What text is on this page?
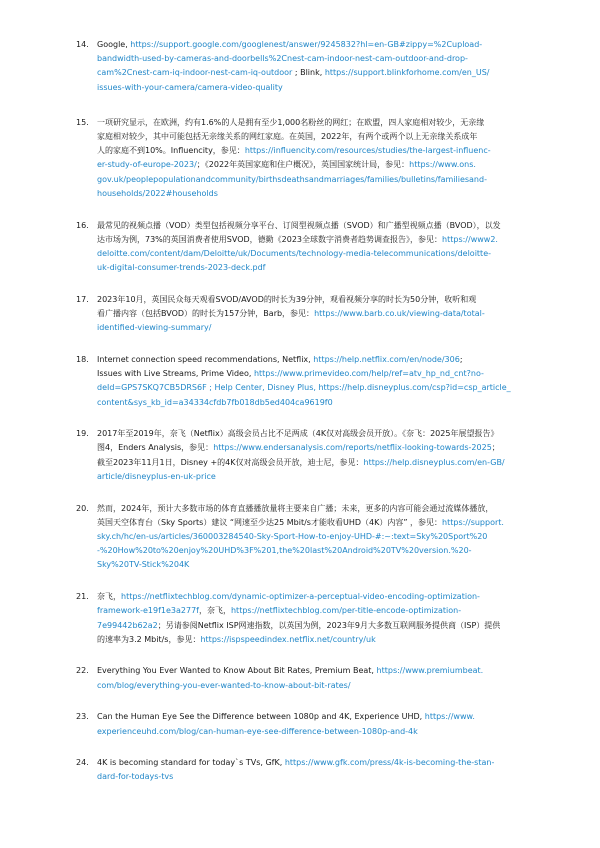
14.	Google, https://support.google.com/googlenest/answer/9245832?hl=en-GB#zippy=%2Cupload-
bandwidth-used-by-cameras-and-doorbells%2Cnest-cam-indoor-nest-cam-outdoor-and-drop-
cam%2Cnest-cam-iq-indoor-nest-cam-iq-outdoor ; Blink, https://support.blinkforhome.com/en_US/
issues-with-your-camera/camera-video-quality
15.	一项研究显示，在欧洲，约有1.6%的人是拥有至少1,000名粉丝的网红；在欧盟，四人家庭相对较少，无亲缘
家庭相对较少，其中可能包括无亲缘关系的网红家庭。在英国，2022年，有两个或两个以上无亲缘关系成年
人的家庭不到10%。Influencity，参见：https://influencity.com/resources/studies/the-largest-influenc-
er-study-of-europe-2023/；《2022年英国家庭和住户概况》，英国国家统计局，参见：https://www.ons.
gov.uk/peoplepopulationandcommunity/birthsdeathsandmarriages/families/bulletins/familiesand-
households/2022#households
16.	最常见的视频点播（VOD）类型包括视频分享平台、订阅型视频点播（SVOD）和广播型视频点播（BVOD），以发
达市场为例，73%的英国消费者使用SVOD，德勤《2023全球数字消费者趋势调查报告》，参见：https://www2.
deloitte.com/content/dam/Deloitte/uk/Documents/technology-media-telecommunications/deloitte-
uk-digital-consumer-trends-2023-deck.pdf
17.	2023年10月，英国民众每天观看SVOD/AVOD的时长为39分钟，观看视频分享的时长为50分钟，收听和观
看广播内容（包括BVOD）的时长为157分钟，Barb，参见：https://www.barb.co.uk/viewing-data/total-
identified-viewing-summary/
18.	Internet connection speed recommendations, Netflix, https://help.netflix.com/en/node/306;
Issues with Live Streams, Prime Video, https://www.primevideo.com/help/ref=atv_hp_nd_cnt?no-
deId=GPS7SKQ7CB5DRS6F ; Help Center, Disney Plus, https://help.disneyplus.com/csp?id=csp_article_
content&sys_kb_id=a34334cfdb7fb018db5ed404ca9619f0
19.	2017年至2019年，奈飞（Netflix）高级会员占比不足两成（4K仅对高级会员开放）。《奈飞：2025年展望报告》
图4，Enders Analysis，参见：https://www.endersanalysis.com/reports/netflix-looking-towards-2025；
截至2023年11月1日，Disney +的4K仅对高级会员开放，迪士尼，参见：https://help.disneyplus.com/en-GB/
article/disneyplus-en-uk-price
20.	然而，2024年，预计大多数市场的体育直播播放量将主要来自广播；未来，更多的内容可能会通过流媒体播放，
英国天空体育台（Sky Sports）建议 “网速至少达25 Mbit/s才能收看UHD（4K）内容” ，参见：https://support.
sky.ch/hc/en-us/articles/360003284540-Sky-Sport-How-to-enjoy-UHD-#:~:text=Sky%20Sport%20
-%20How%20to%20enjoy%20UHD%3F%201,the%20last%20Android%20TV%20version.%20-
Sky%20TV-Stick%204K
21.	奈飞，https://netflixtechblog.com/dynamic-optimizer-a-perceptual-video-encoding-optimization-
framework-e19f1e3a277f，奈飞，https://netflixtechblog.com/per-title-encode-optimization-
7e99442b62a2；另请参阅Netflix ISP网速指数，以英国为例，2023年9月大多数互联网服务提供商（ISP）提供
的速率为3.2 Mbit/s，参见：https://ispspeedindex.netflix.net/country/uk
22.	Everything You Ever Wanted to Know About Bit Rates, Premium Beat, https://www.premiumbeat.
com/blog/everything-you-ever-wanted-to-know-about-bit-rates/
23.	Can the Human Eye See the Difference between 1080p and 4K, Experience UHD, https://www.
experienceuhd.com/blog/can-human-eye-see-difference-between-1080p-and-4k
24.	4K is becoming standard for today`s TVs, GfK, https://www.gfk.com/press/4k-is-becoming-the-stan-
dard-for-todays-tvs
